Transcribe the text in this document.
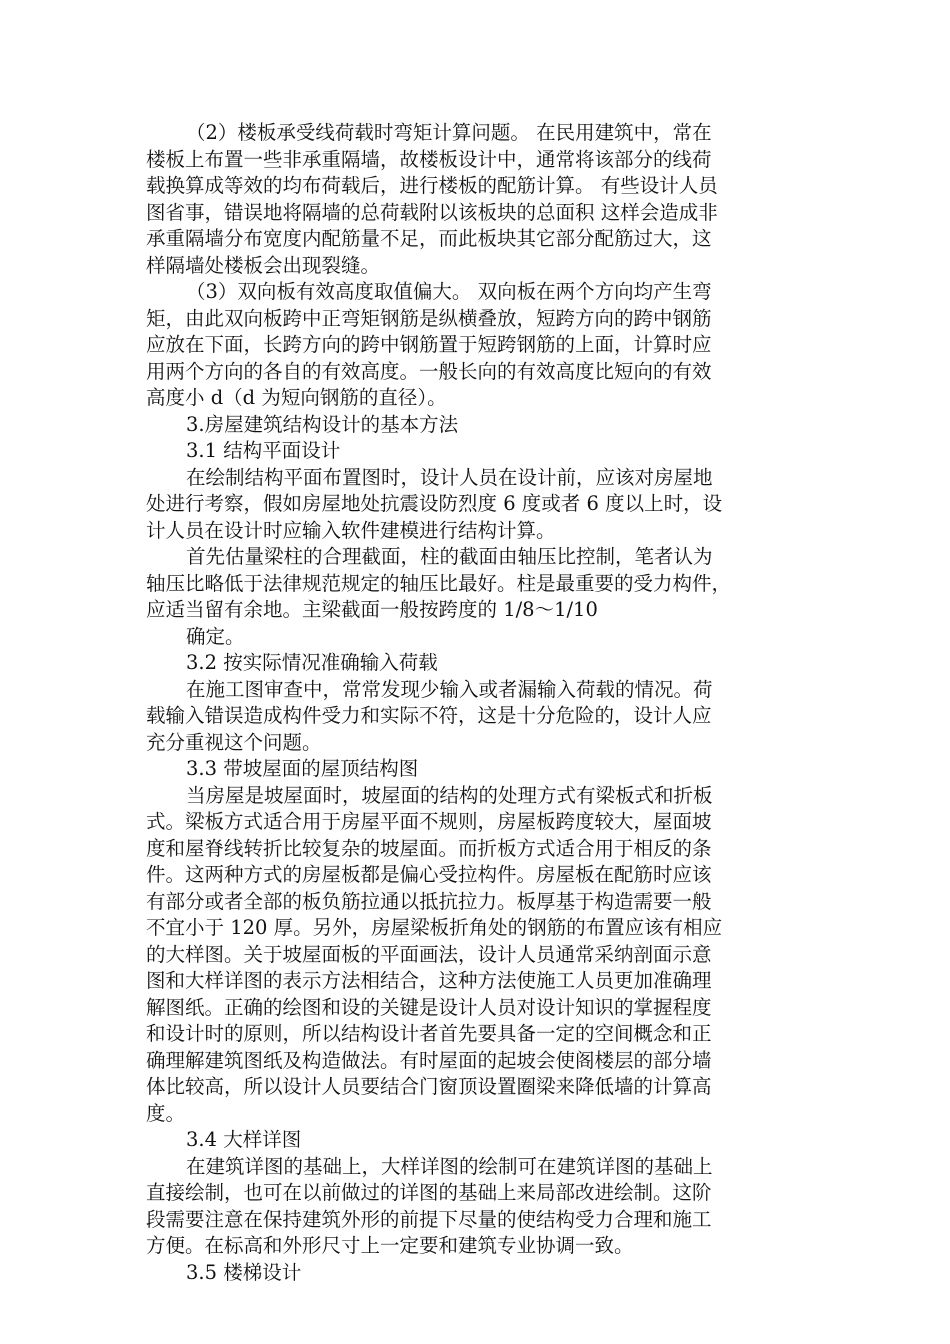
（2）楼板承受线荷载时弯矩计算问题。 在民用建筑中，常在
楼板上布置一些非承重隔墙，故楼板设计中，通常将该部分的线荷
载换算成等效的均布荷载后，进行楼板的配筋计算。 有些设计人员
图省事，错误地将隔墙的总荷载附以该板块的总面积 这样会造成非
承重隔墙分布宽度内配筋量不足，而此板块其它部分配筋过大，这
样隔墙处楼板会出现裂缝。
（3）双向板有效高度取值偏大。 双向板在两个方向均产生弯
矩，由此双向板跨中正弯矩钢筋是纵横叠放，短跨方向的跨中钢筋
应放在下面，长跨方向的跨中钢筋置于短跨钢筋的上面，计算时应
用两个方向的各自的有效高度。一般长向的有效高度比短向的有效
高度小 d（d 为短向钢筋的直径）。
3.房屋建筑结构设计的基本方法
3.1 结构平面设计
在绘制结构平面布置图时，设计人员在设计前，应该对房屋地
处进行考察，假如房屋地处抗震设防烈度 6 度或者 6 度以上时，设
计人员在设计时应输入软件建模进行结构计算。
首先估量梁柱的合理截面，柱的截面由轴压比控制，笔者认为
轴压比略低于法律规范规定的轴压比最好。柱是最重要的受力构件，
应适当留有余地。主梁截面一般按跨度的 1/8～1/10
确定。
3.2 按实际情况准确输入荷载
在施工图审查中，常常发现少输入或者漏输入荷载的情况。荷
载输入错误造成构件受力和实际不符，这是十分危险的，设计人应
充分重视这个问题。
3.3 带坡屋面的屋顶结构图
当房屋是坡屋面时，坡屋面的结构的处理方式有梁板式和折板
式。梁板方式适合用于房屋平面不规则，房屋板跨度较大，屋面坡
度和屋脊线转折比较复杂的坡屋面。而折板方式适合用于相反的条
件。这两种方式的房屋板都是偏心受拉构件。房屋板在配筋时应该
有部分或者全部的板负筋拉通以抵抗拉力。板厚基于构造需要一般
不宜小于 120 厚。另外，房屋梁板折角处的钢筋的布置应该有相应
的大样图。关于坡屋面板的平面画法，设计人员通常采纳剖面示意
图和大样详图的表示方法相结合，这种方法使施工人员更加准确理
解图纸。正确的绘图和设的关键是设计人员对设计知识的掌握程度
和设计时的原则，所以结构设计者首先要具备一定的空间概念和正
确理解建筑图纸及构造做法。有时屋面的起坡会使阁楼层的部分墙
体比较高，所以设计人员要结合门窗顶设置圈梁来降低墙的计算高
度。
3.4 大样详图
在建筑详图的基础上，大样详图的绘制可在建筑详图的基础上
直接绘制，也可在以前做过的详图的基础上来局部改进绘制。这阶
段需要注意在保持建筑外形的前提下尽量的使结构受力合理和施工
方便。在标高和外形尺寸上一定要和建筑专业协调一致。
3.5 楼梯设计
